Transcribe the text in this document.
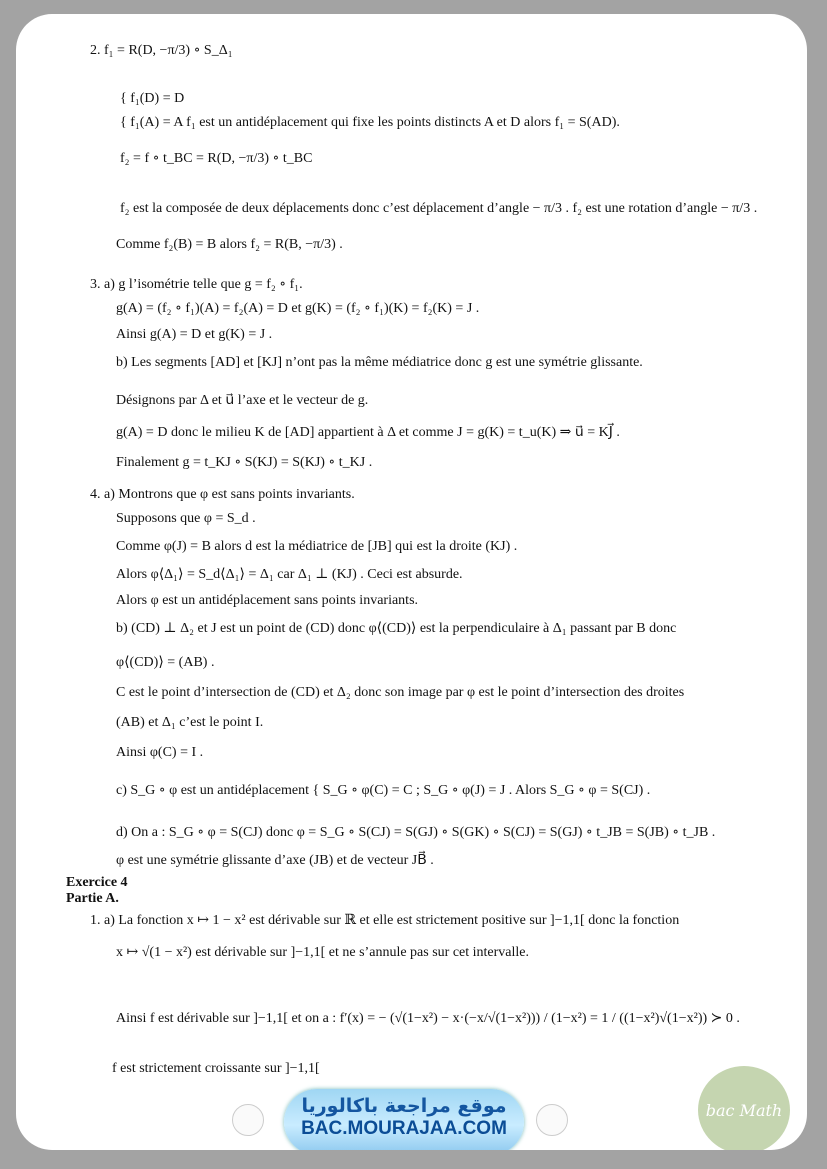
2. f₁ = R(D, −π/3) ∘ S_Δ₁
{ f₁(D) = D
{ f₁(A) = A f₁ est un antidéplacement qui fixe les points distincts A et D alors f₁ = S(AD).
f₂ = f ∘ t_BC = R(D, −π/3) ∘ t_BC
f₂ est la composée de deux déplacements donc c’est déplacement d’angle − π/3 . f₂ est une rotation d’angle − π/3 .
Comme f₂(B) = B alors f₂ = R(B, −π/3) .
3. a) g l’isométrie telle que g = f₂ ∘ f₁.
g(A) = (f₂ ∘ f₁)(A) = f₂(A) = D et g(K) = (f₂ ∘ f₁)(K) = f₂(K) = J .
Ainsi g(A) = D et g(K) = J .
b) Les segments [AD] et [KJ] n’ont pas la même médiatrice donc g est une symétrie glissante.
Désignons par Δ et u⃗ l’axe et le vecteur de g.
g(A) = D donc le milieu K de [AD] appartient à Δ et comme J = g(K) = t_u(K) ⇒ u⃗ = KJ⃗ .
Finalement g = t_KJ ∘ S(KJ) = S(KJ) ∘ t_KJ .
4. a) Montrons que φ est sans points invariants.
Supposons que φ = S_d .
Comme φ(J) = B alors d est la médiatrice de [JB] qui est la droite (KJ) .
Alors φ⟨Δ₁⟩ = S_d⟨Δ₁⟩ = Δ₁ car Δ₁ ⊥ (KJ) . Ceci est absurde.
Alors φ est un antidéplacement sans points invariants.
b) (CD) ⊥ Δ₂ et J est un point de (CD) donc φ⟨(CD)⟩ est la perpendiculaire à Δ₁ passant par B donc
φ⟨(CD)⟩ = (AB) .
C est le point d’intersection de (CD) et Δ₂ donc son image par φ est le point d’intersection des droites
(AB) et Δ₁ c’est le point I.
Ainsi φ(C) = I .
c) S_G ∘ φ est un antidéplacement { S_G ∘ φ(C) = C ; S_G ∘ φ(J) = J . Alors S_G ∘ φ = S(CJ) .
d) On a : S_G ∘ φ = S(CJ) donc φ = S_G ∘ S(CJ) = S(GJ) ∘ S(GK) ∘ S(CJ) = S(GJ) ∘ t_JB = S(JB) ∘ t_JB .
φ est une symétrie glissante d’axe (JB) et de vecteur JB⃗ .
Exercice 4
Partie A.
1. a) La fonction x ↦ 1 − x² est dérivable sur ℝ et elle est strictement positive sur ]−1,1[ donc la fonction
x ↦ √(1 − x²) est dérivable sur ]−1,1[ et ne s’annule pas sur cet intervalle.
Ainsi f est dérivable sur ]−1,1[ et on a : f′(x) = − (√(1−x²) − x·(−x/√(1−x²))) / (1−x²) = 1 / ((1−x²)√(1−x²)) ≻ 0 .
f est strictement croissante sur ]−1,1[
موقع مراجعة باكالوريا
BAC.MOURAJAA.COM
bac Math
